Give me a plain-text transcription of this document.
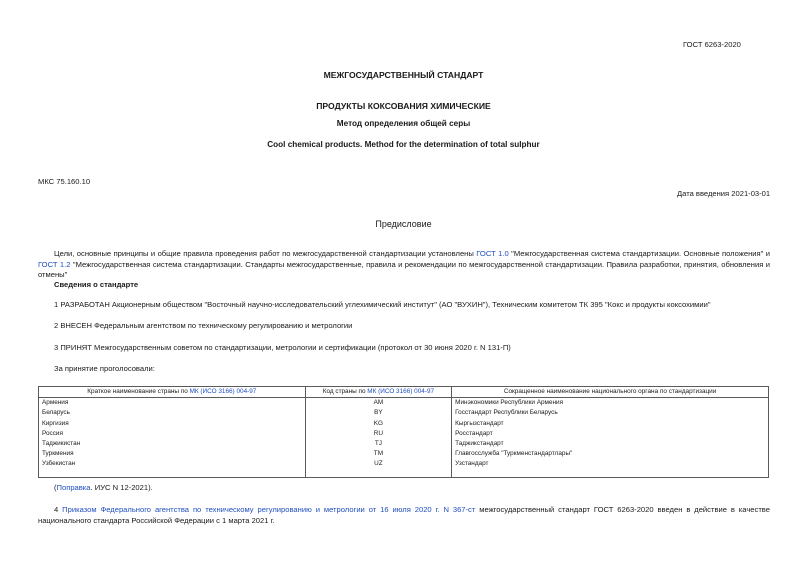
ГОСТ 6263-2020
МЕЖГОСУДАРСТВЕННЫЙ СТАНДАРТ
ПРОДУКТЫ КОКСОВАНИЯ ХИМИЧЕСКИЕ
Метод определения общей серы
Cool chemical products. Method for the determination of total sulphur
МКС 75.160.10
Дата введения 2021-03-01
Предисловие
Цели, основные принципы и общие правила проведения работ по межгосударственной стандартизации установлены ГОСТ 1.0 "Межгосударственная система стандартизации. Основные положения" и ГОСТ 1.2 "Межгосударственная система стандартизации. Стандарты межгосударственные, правила и рекомендации по межгосударственной стандартизации. Правила разработки, принятия, обновления и отмены"
Сведения о стандарте
1 РАЗРАБОТАН Акционерным обществом "Восточный научно-исследовательский углехимический институт" (АО "ВУХИН"), Техническим комитетом ТК 395 "Кокс и продукты коксохимии"
2 ВНЕСЕН Федеральным агентством по техническому регулированию и метрологии
3 ПРИНЯТ Межгосударственным советом по стандартизации, метрологии и сертификации (протокол от 30 июня 2020 г. N 131-П)
За принятие проголосовали:
Краткое наименование страны по МК (ИСО 3166) 004-97	Код страны по МК (ИСО 3166) 004-97	Сокращенное наименование национального органа по стандартизации
Армения	AM	Минэкономики Республики Армения
Беларусь	BY	Госстандарт Республики Беларусь
Киргизия	KG	Кыргызстандарт
Россия	RU	Росстандарт
Таджикистан	TJ	Таджикстандарт
Туркмения	TM	Главгосслужба "Туркменстандартлары"
Узбекистан	UZ	Узстандарт
(Поправка. ИУС N 12-2021).
4 Приказом Федерального агентства по техническому регулированию и метрологии от 16 июля 2020 г. N 367-ст межгосударственный стандарт ГОСТ 6263-2020 введен в действие в качестве национального стандарта Российской Федерации с 1 марта 2021 г.
